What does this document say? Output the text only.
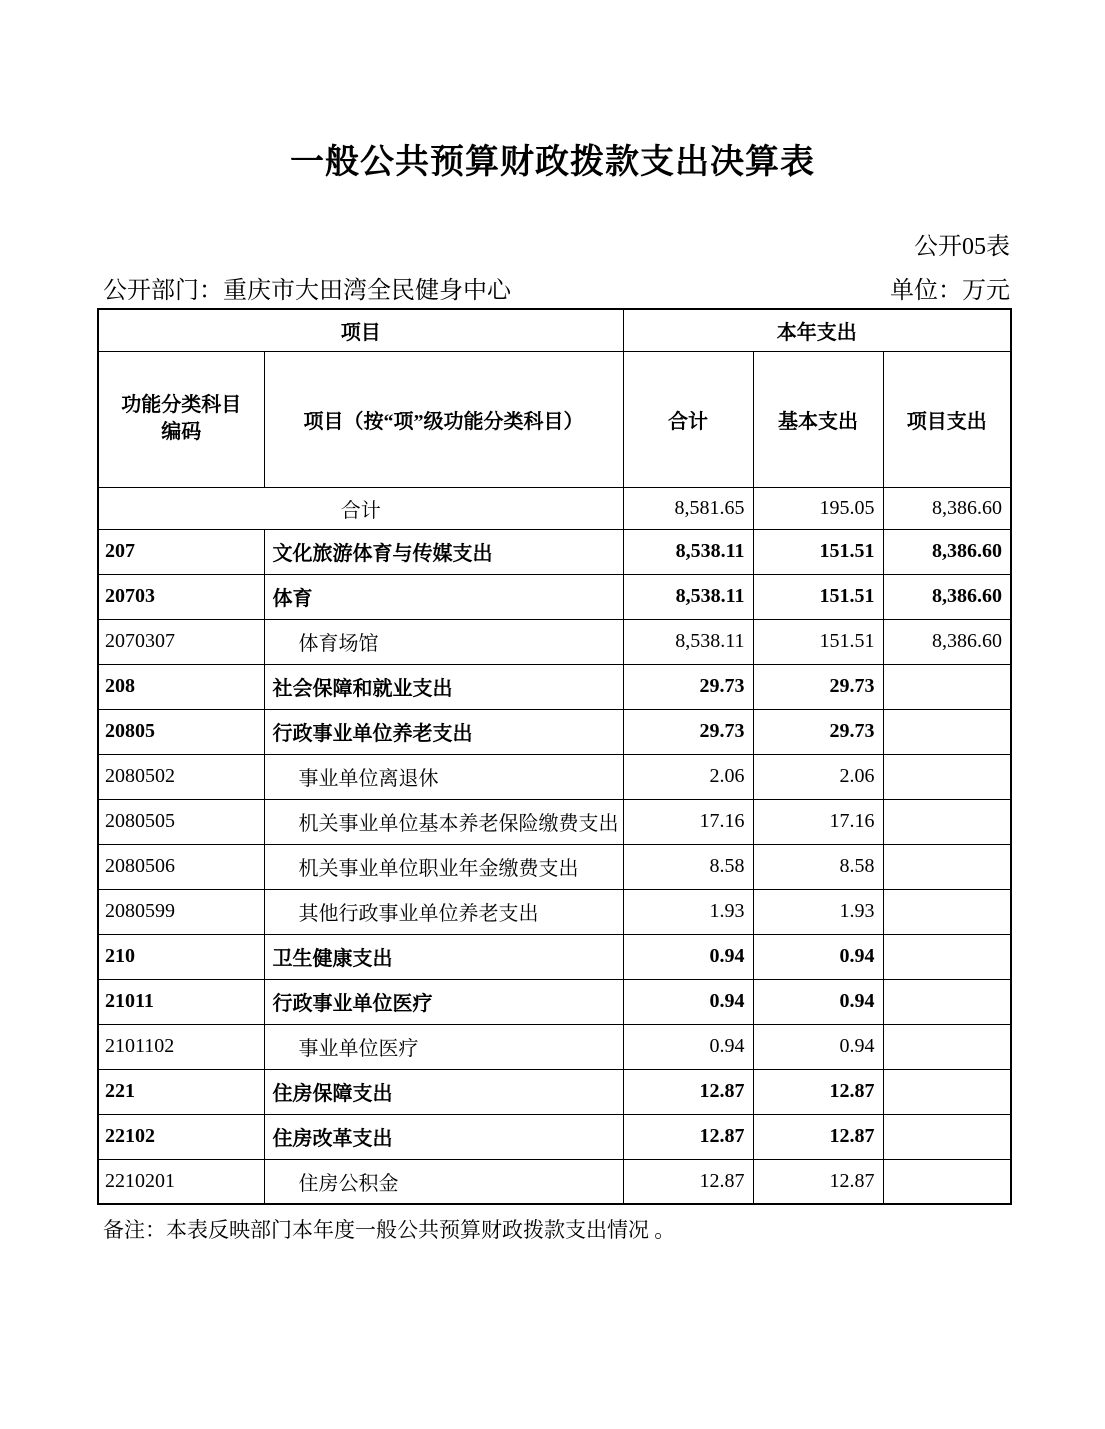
一般公共预算财政拨款支出决算表
公开05表
公开部门：重庆市大田湾全民健身中心	单位：万元
项目		本年支出		
功能分类科目编码	项目（按“项”级功能分类科目）	合计	基本支出	项目支出
合计		8,581.65	195.05	8,386.60
207	文化旅游体育与传媒支出	8,538.11	151.51	8,386.60
20703	体育	8,538.11	151.51	8,386.60
2070307	体育场馆	8,538.11	151.51	8,386.60
208	社会保障和就业支出	29.73	29.73	
20805	行政事业单位养老支出	29.73	29.73	
2080502	事业单位离退休	2.06	2.06	
2080505	机关事业单位基本养老保险缴费支出	17.16	17.16	
2080506	机关事业单位职业年金缴费支出	8.58	8.58	
2080599	其他行政事业单位养老支出	1.93	1.93	
210	卫生健康支出	0.94	0.94	
21011	行政事业单位医疗	0.94	0.94	
2101102	事业单位医疗	0.94	0.94	
221	住房保障支出	12.87	12.87	
22102	住房改革支出	12.87	12.87	
2210201	住房公积金	12.87	12.87	
备注：本表反映部门本年度一般公共预算财政拨款支出情况 。
